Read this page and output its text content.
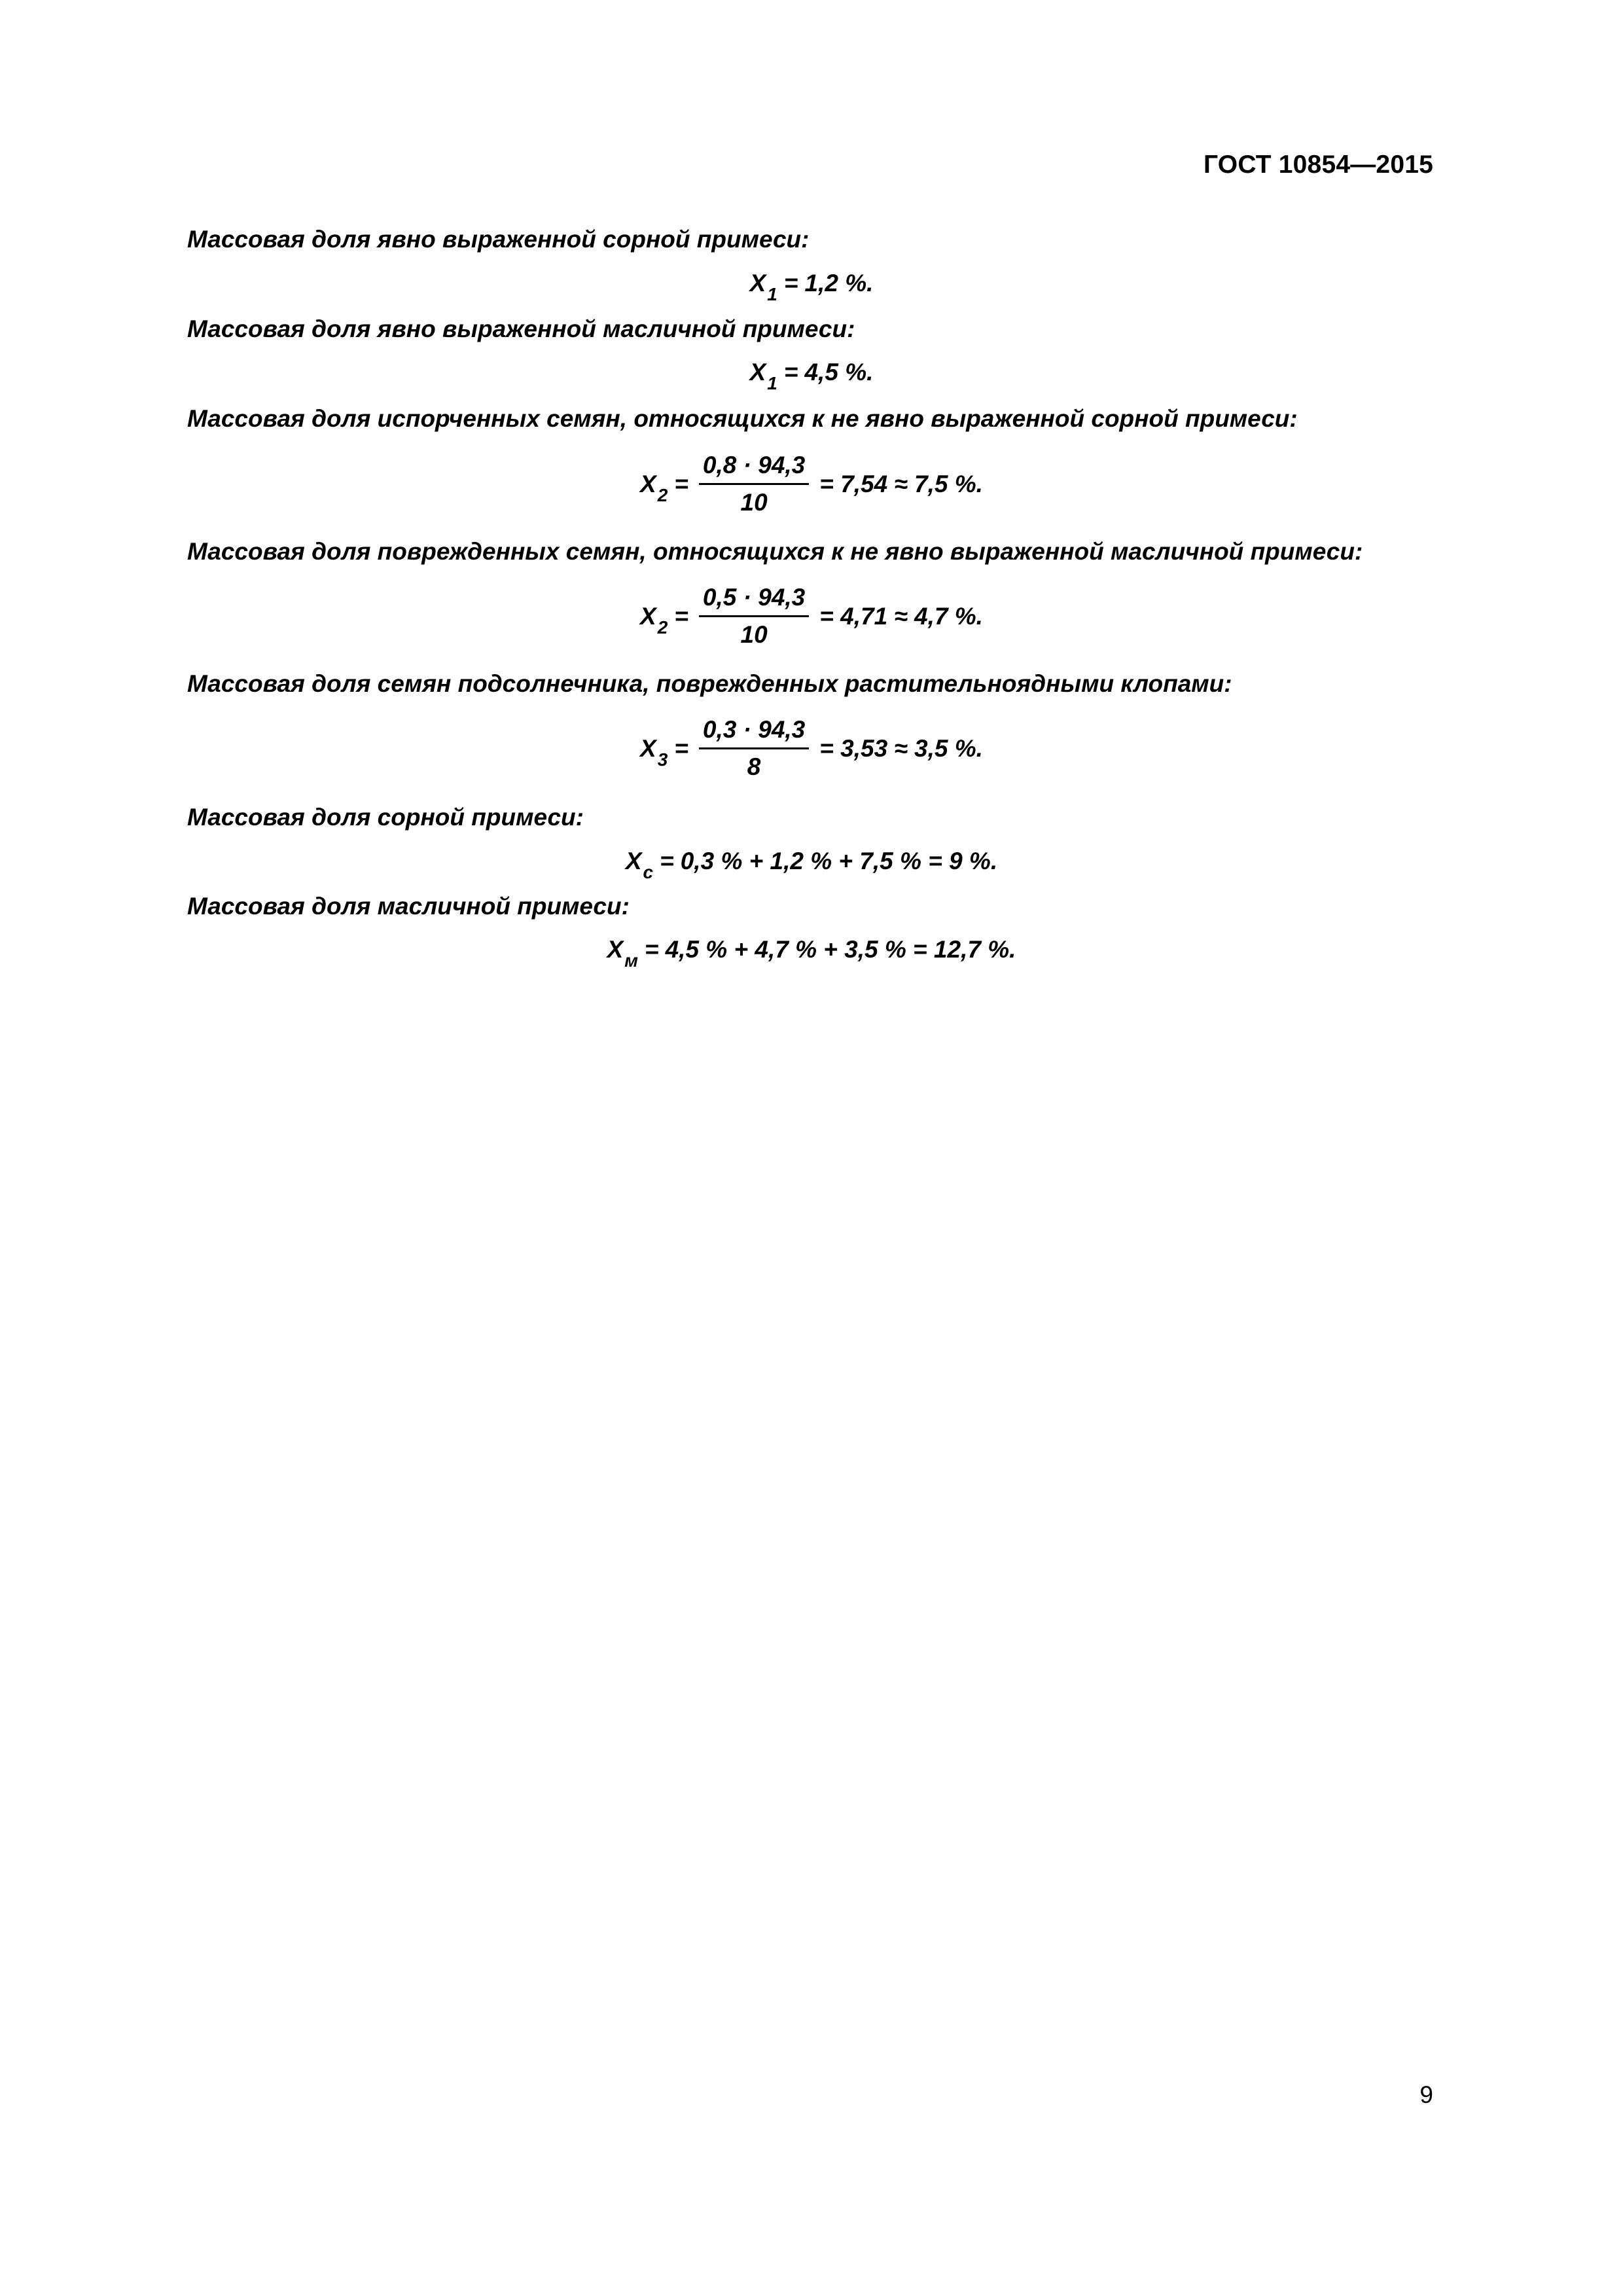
ГОСТ 10854—2015
Массовая доля явно выраженной сорной примеси:
$X_1 = 1,2$ %.
Массовая доля явно выраженной масличной примеси:
$X_1 = 4,5$ %.
Массовая доля испорченных семян, относящихся к не явно выраженной сорной примеси:
$X_2 = \frac{0,8 \cdot 94,3}{10} = 7,54 \approx 7,5$ %.
Массовая доля поврежденных семян, относящихся к не явно выраженной масличной примеси:
$X_2 = \frac{0,5 \cdot 94,3}{10} = 4,71 \approx 4,7$ %.
Массовая доля семян подсолнечника, поврежденных растительноядными клопами:
$X_3 = \frac{0,3 \cdot 94,3}{8} = 3,53 \approx 3,5$ %.
Массовая доля сорной примеси:
$X_с = 0,3$ % + 1,2 % + 7,5 % = 9 %.
Массовая доля масличной примеси:
$X_м = 4,5$ % + 4,7 % + 3,5 % = 12,7 %.
9
